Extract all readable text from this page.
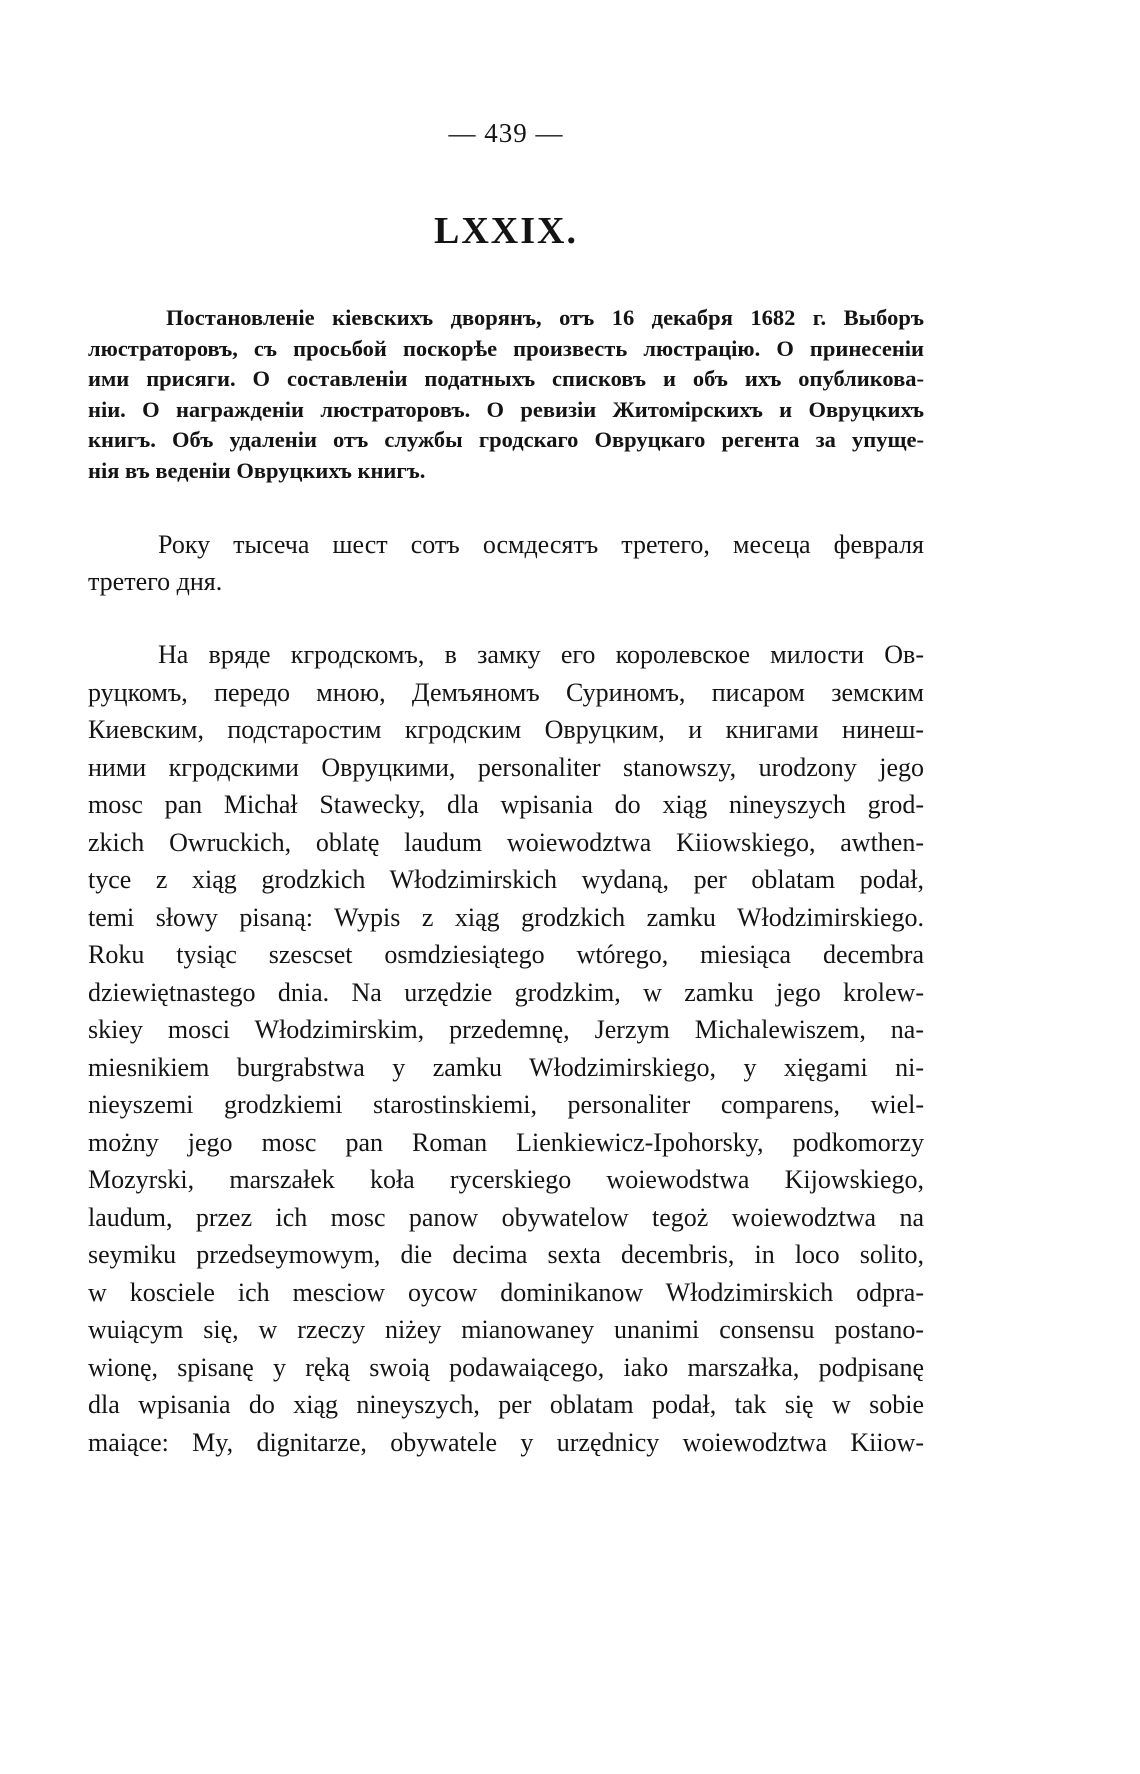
— 439 —
LXXIX.
Постановленіе кіевскихъ дворянъ, отъ 16 декабря 1682 г. Выборъ
люстраторовъ, съ просьбой поскорѣе произвесть люстрацію. О принесеніи
ими присяги. О составленіи податныхъ списковъ и объ ихъ опубликова-
ніи. О награжденіи люстраторовъ. О ревизіи Житомірскихъ и Овруцкихъ
книгъ. Объ удаленіи отъ службы гродскаго Овруцкаго регента за упуще-
нія въ веденіи Овруцкихъ книгъ.
Року тысеча шест сотъ осмдесятъ третего, месеца февраля
третего дня.
На вряде кгродскомъ, в замку его королевское милости Ов-
руцкомъ, передо мною, Демъяномъ Суриномъ, писаром земским
Киевским, подстаростим кгродским Овруцким, и книгами нинеш-
ними кгродскими Овруцкими, personaliter stanowszy, urodzony jego
mosc pan Michał Stawecky, dla wpisania do xiąg nineyszych grod-
zkich Owruckich, oblatę laudum woiewodztwa Kiiowskiego, awthen-
tyce z xiąg grodzkich Włodzimirskich wydaną, per oblatam podał,
temi słowy pisaną: Wypis z xiąg grodzkich zamku Włodzimirskiego.
Roku tysiąc szescset osmdziesiątego wtórego, miesiąca decembra
dziewiętnastego dnia. Na urzędzie grodzkim, w zamku jego krolew-
skiey mosci Włodzimirskim, przedemnę, Jerzym Michalewiszem, na-
miesnikiem burgrabstwa y zamku Włodzimirskiego, y xięgami ni-
nieyszemi grodzkiemi starostinskiemi, personaliter comparens, wiel-
możny jego mosc pan Roman Lienkiewicz-Ipohorsky, podkomorzy
Mozyrski, marszałek koła rycerskiego woiewodstwa Kijowskiego,
laudum, przez ich mosc panow obywatelow tegoż woiewodztwa na
seymiku przedseymowym, die decima sexta decembris, in loco solito,
w kosciele ich mesciow oycow dominikanow Włodzimirskich odpra-
wuiącym się, w rzeczy niżey mianowaney unanimi consensu postano-
wionę, spisanę y ręką swoią podawaiącego, iako marszałka, podpisanę
dla wpisania do xiąg nineyszych, per oblatam podał, tak się w sobie
maiące: My, dignitarze, obywatele y urzędnicy woiewodztwa Kiiow-
